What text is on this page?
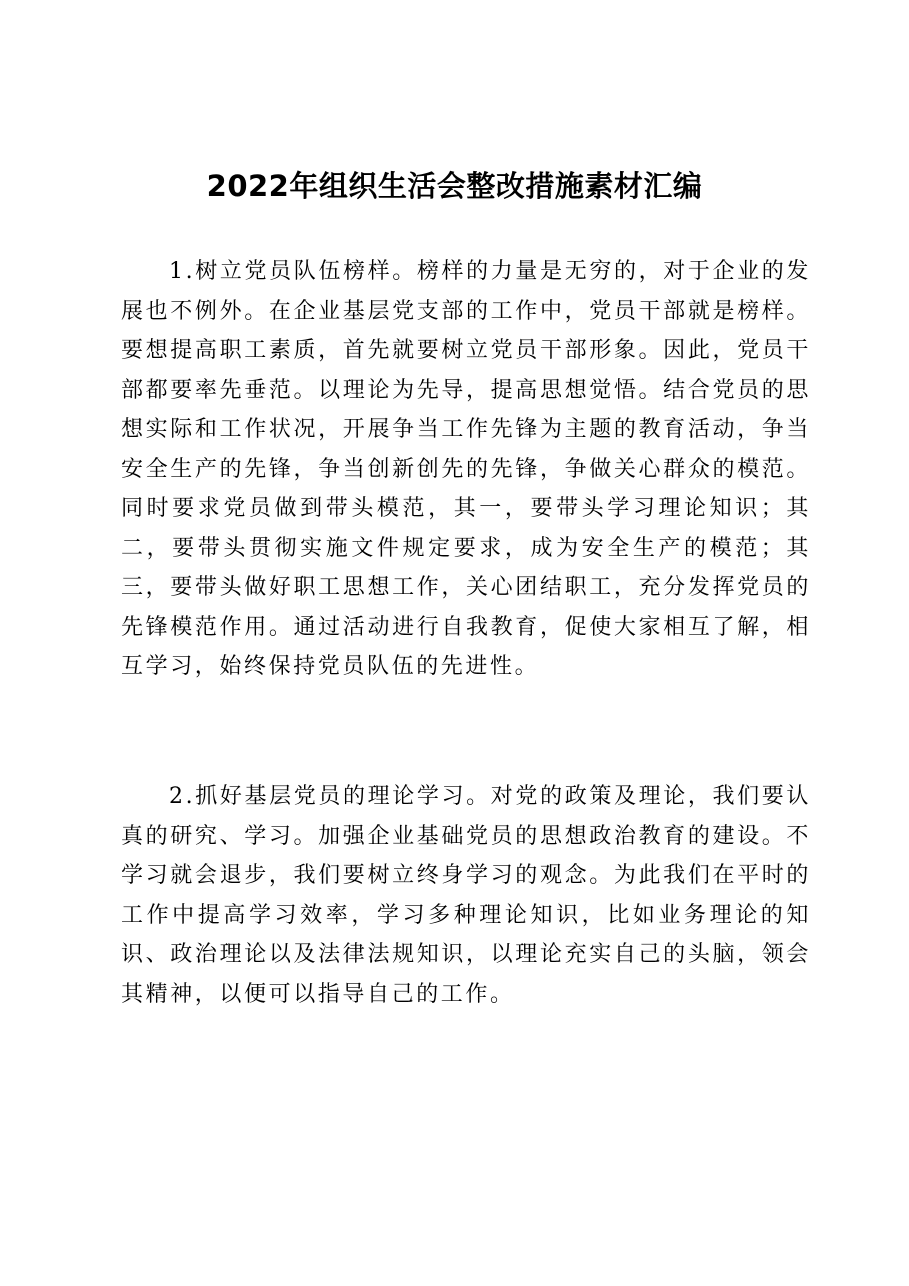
2022年组织生活会整改措施素材汇编

1.树立党员队伍榜样。榜样的力量是无穷的，对于企业的发展也不例外。在企业基层党支部的工作中，党员干部就是榜样。要想提高职工素质，首先就要树立党员干部形象。因此，党员干部都要率先垂范。以理论为先导，提高思想觉悟。结合党员的思想实际和工作状况，开展争当工作先锋为主题的教育活动，争当安全生产的先锋，争当创新创先的先锋，争做关心群众的模范。同时要求党员做到带头模范，其一，要带头学习理论知识；其二，要带头贯彻实施文件规定要求，成为安全生产的模范；其三，要带头做好职工思想工作，关心团结职工，充分发挥党员的先锋模范作用。通过活动进行自我教育，促使大家相互了解，相互学习，始终保持党员队伍的先进性。

2.抓好基层党员的理论学习。对党的政策及理论，我们要认真的研究、学习。加强企业基础党员的思想政治教育的建设。不学习就会退步，我们要树立终身学习的观念。为此我们在平时的工作中提高学习效率，学习多种理论知识，比如业务理论的知识、政治理论以及法律法规知识，以理论充实自己的头脑，领会其精神，以便可以指导自己的工作。
